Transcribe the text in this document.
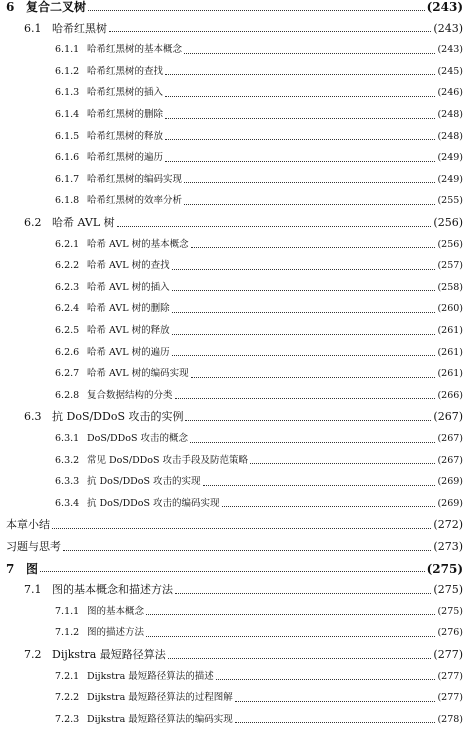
6 复合二叉树	(243)
6.1 哈希红黑树	(243)
6.1.1 哈希红黑树的基本概念	(243)
6.1.2 哈希红黑树的查找	(245)
6.1.3 哈希红黑树的插入	(246)
6.1.4 哈希红黑树的删除	(248)
6.1.5 哈希红黑树的释放	(248)
6.1.6 哈希红黑树的遍历	(249)
6.1.7 哈希红黑树的编码实现	(249)
6.1.8 哈希红黑树的效率分析	(255)
6.2 哈希 AVL 树	(256)
6.2.1 哈希 AVL 树的基本概念	(256)
6.2.2 哈希 AVL 树的查找	(257)
6.2.3 哈希 AVL 树的插入	(258)
6.2.4 哈希 AVL 树的删除	(260)
6.2.5 哈希 AVL 树的释放	(261)
6.2.6 哈希 AVL 树的遍历	(261)
6.2.7 哈希 AVL 树的编码实现	(261)
6.2.8 复合数据结构的分类	(266)
6.3 抗 DoS/DDoS 攻击的实例	(267)
6.3.1 DoS/DDoS 攻击的概念	(267)
6.3.2 常见 DoS/DDoS 攻击手段及防范策略	(267)
6.3.3 抗 DoS/DDoS 攻击的实现	(269)
6.3.4 抗 DoS/DDoS 攻击的编码实现	(269)
本章小结	(272)
习题与思考	(273)
7 图	(275)
7.1 图的基本概念和描述方法	(275)
7.1.1 图的基本概念	(275)
7.1.2 图的描述方法	(276)
7.2 Dijkstra 最短路径算法	(277)
7.2.1 Dijkstra 最短路径算法的描述	(277)
7.2.2 Dijkstra 最短路径算法的过程图解	(277)
7.2.3 Dijkstra 最短路径算法的编码实现	(278)
